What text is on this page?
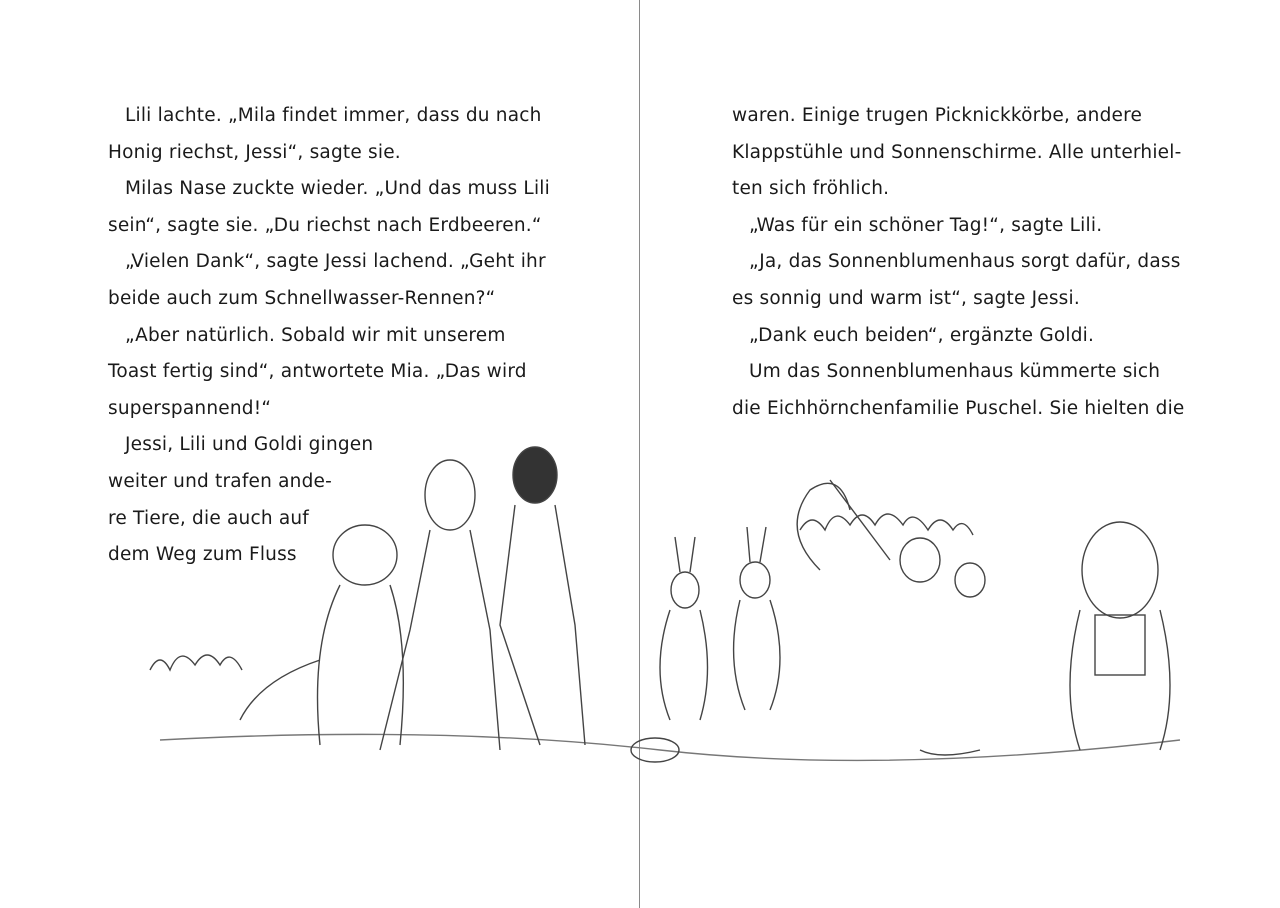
Lili lachte. „Mila findet immer, dass du nach
Honig riechst, Jessi“, sagte sie.
Milas Nase zuckte wieder. „Und das muss Lili
sein“, sagte sie. „Du riechst nach Erdbeeren.“
„Vielen Dank“, sagte Jessi lachend. „Geht ihr
beide auch zum Schnellwasser-Rennen?“
„Aber natürlich. Sobald wir mit unserem
Toast fertig sind“, antwortete Mia. „Das wird
superspannend!“
Jessi, Lili und Goldi gingen
weiter und trafen ande-
re Tiere, die auch auf
dem Weg zum Fluss
waren. Einige trugen Picknickkörbe, andere
Klappstühle und Sonnenschirme. Alle unterhiel-
ten sich fröhlich.
„Was für ein schöner Tag!“, sagte Lili.
„Ja, das Sonnenblumenhaus sorgt dafür, dass
es sonnig und warm ist“, sagte Jessi.
„Dank euch beiden“, ergänzte Goldi.
Um das Sonnenblumenhaus kümmerte sich
die Eichhörnchenfamilie Puschel. Sie hielten die
